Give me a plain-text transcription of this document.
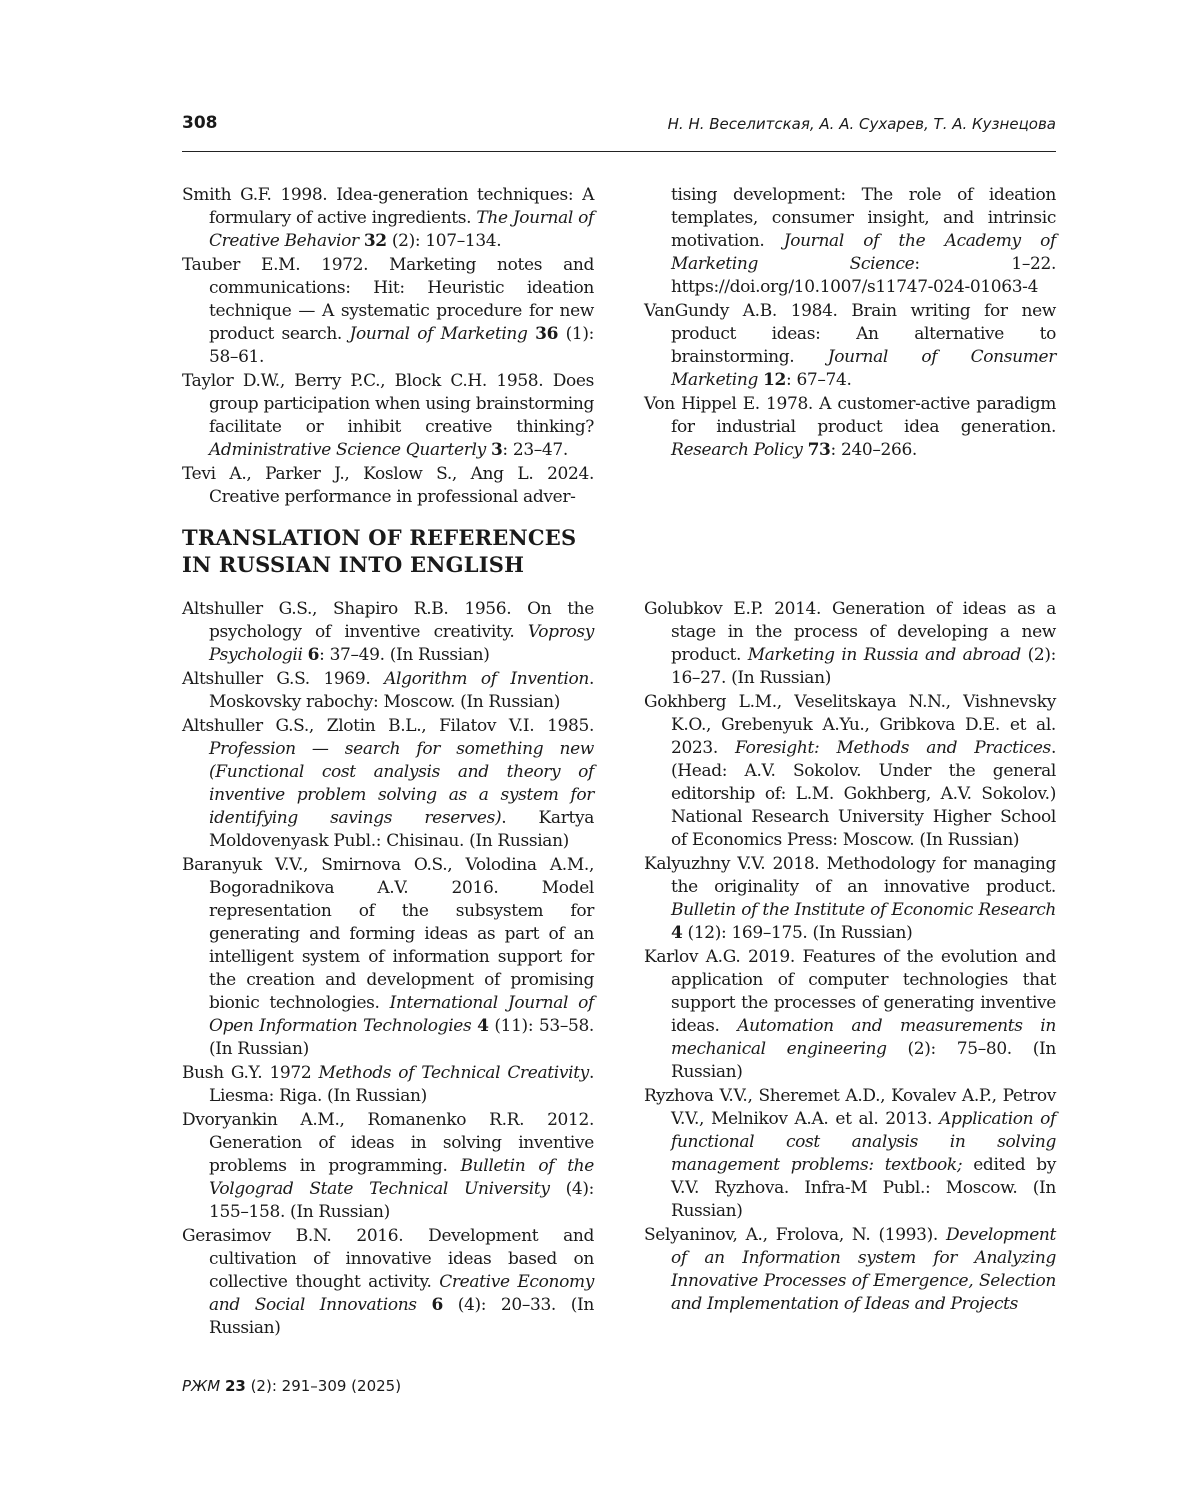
308	Н. Н. Веселитская, А. А. Сухарев, Т. А. Кузнецова

Smith G.F. 1998. Idea-generation techniques: A formulary of active ingredients. The Journal of Creative Behavior 32 (2): 107–134.

Tauber E.M. 1972. Marketing notes and communications: Hit: Heuristic ideation technique — A systematic procedure for new product search. Journal of Marketing 36 (1): 58–61.

Taylor D.W., Berry P.C., Block C.H. 1958. Does group participation when using brainstorming facilitate or inhibit creative thinking? Administrative Science Quarterly 3: 23–47.

Tevi A., Parker J., Koslow S., Ang L. 2024. Creative performance in professional adver-

tising development: The role of ideation templates, consumer insight, and intrinsic motivation. Journal of the Academy of Marketing Science: 1–22. https://doi.org/10.1007/s11747-024-01063-4

VanGundy A.B. 1984. Brain writing for new product ideas: An alternative to brainstorming. Journal of Consumer Marketing 12: 67–74.

Von Hippel E. 1978. A customer-active paradigm for industrial product idea generation. Research Policy 73: 240–266.

TRANSLATION OF REFERENCES
IN RUSSIAN INTO ENGLISH

Altshuller G.S., Shapiro R.B. 1956. On the psychology of inventive creativity. Voprosy Psychologii 6: 37–49. (In Russian)

Altshuller G.S. 1969. Algorithm of Invention. Moskovsky rabochy: Moscow. (In Russian)

Altshuller G.S., Zlotin B.L., Filatov V.I. 1985. Profession — search for something new (Functional cost analysis and theory of inventive problem solving as a system for identifying savings reserves). Kartya Moldovenyask Publ.: Chisinau. (In Russian)

Baranyuk V.V., Smirnova O.S., Volodina A.M., Bogoradnikova A.V. 2016. Model representation of the subsystem for generating and forming ideas as part of an intelligent system of information support for the creation and development of promising bionic technologies. International Journal of Open Information Technologies 4 (11): 53–58. (In Russian)

Bush G.Y. 1972 Methods of Technical Creativity. Liesma: Riga. (In Russian)

Dvoryankin A.M., Romanenko R.R. 2012. Generation of ideas in solving inventive problems in programming. Bulletin of the Volgograd State Technical University (4): 155–158. (In Russian)

Gerasimov B.N. 2016. Development and cultivation of innovative ideas based on collective thought activity. Creative Economy and Social Innovations 6 (4): 20–33. (In Russian)

Golubkov E.P. 2014. Generation of ideas as a stage in the process of developing a new product. Marketing in Russia and abroad (2): 16–27. (In Russian)

Gokhberg L.M., Veselitskaya N.N., Vishnevsky K.O., Grebenyuk A.Yu., Gribkova D.E. et al. 2023. Foresight: Methods and Practices. (Head: A.V. Sokolov. Under the general editorship of: L.M. Gokhberg, A.V. Sokolov.) National Research University Higher School of Economics Press: Moscow. (In Russian)

Kalyuzhny V.V. 2018. Methodology for managing the originality of an innovative product. Bulletin of the Institute of Economic Research 4 (12): 169–175. (In Russian)

Karlov A.G. 2019. Features of the evolution and application of computer technologies that support the processes of generating inventive ideas. Automation and measurements in mechanical engineering (2): 75–80. (In Russian)

Ryzhova V.V., Sheremet A.D., Kovalev A.P., Petrov V.V., Melnikov A.A. et al. 2013. Application of functional cost analysis in solving management problems: textbook; edited by V.V. Ryzhova. Infra-M Publ.: Moscow. (In Russian)

Selyaninov, A., Frolova, N. (1993). Development of an Information system for Analyzing Innovative Processes of Emergence, Selection and Implementation of Ideas and Projects

РЖМ 23 (2): 291–309 (2025)
